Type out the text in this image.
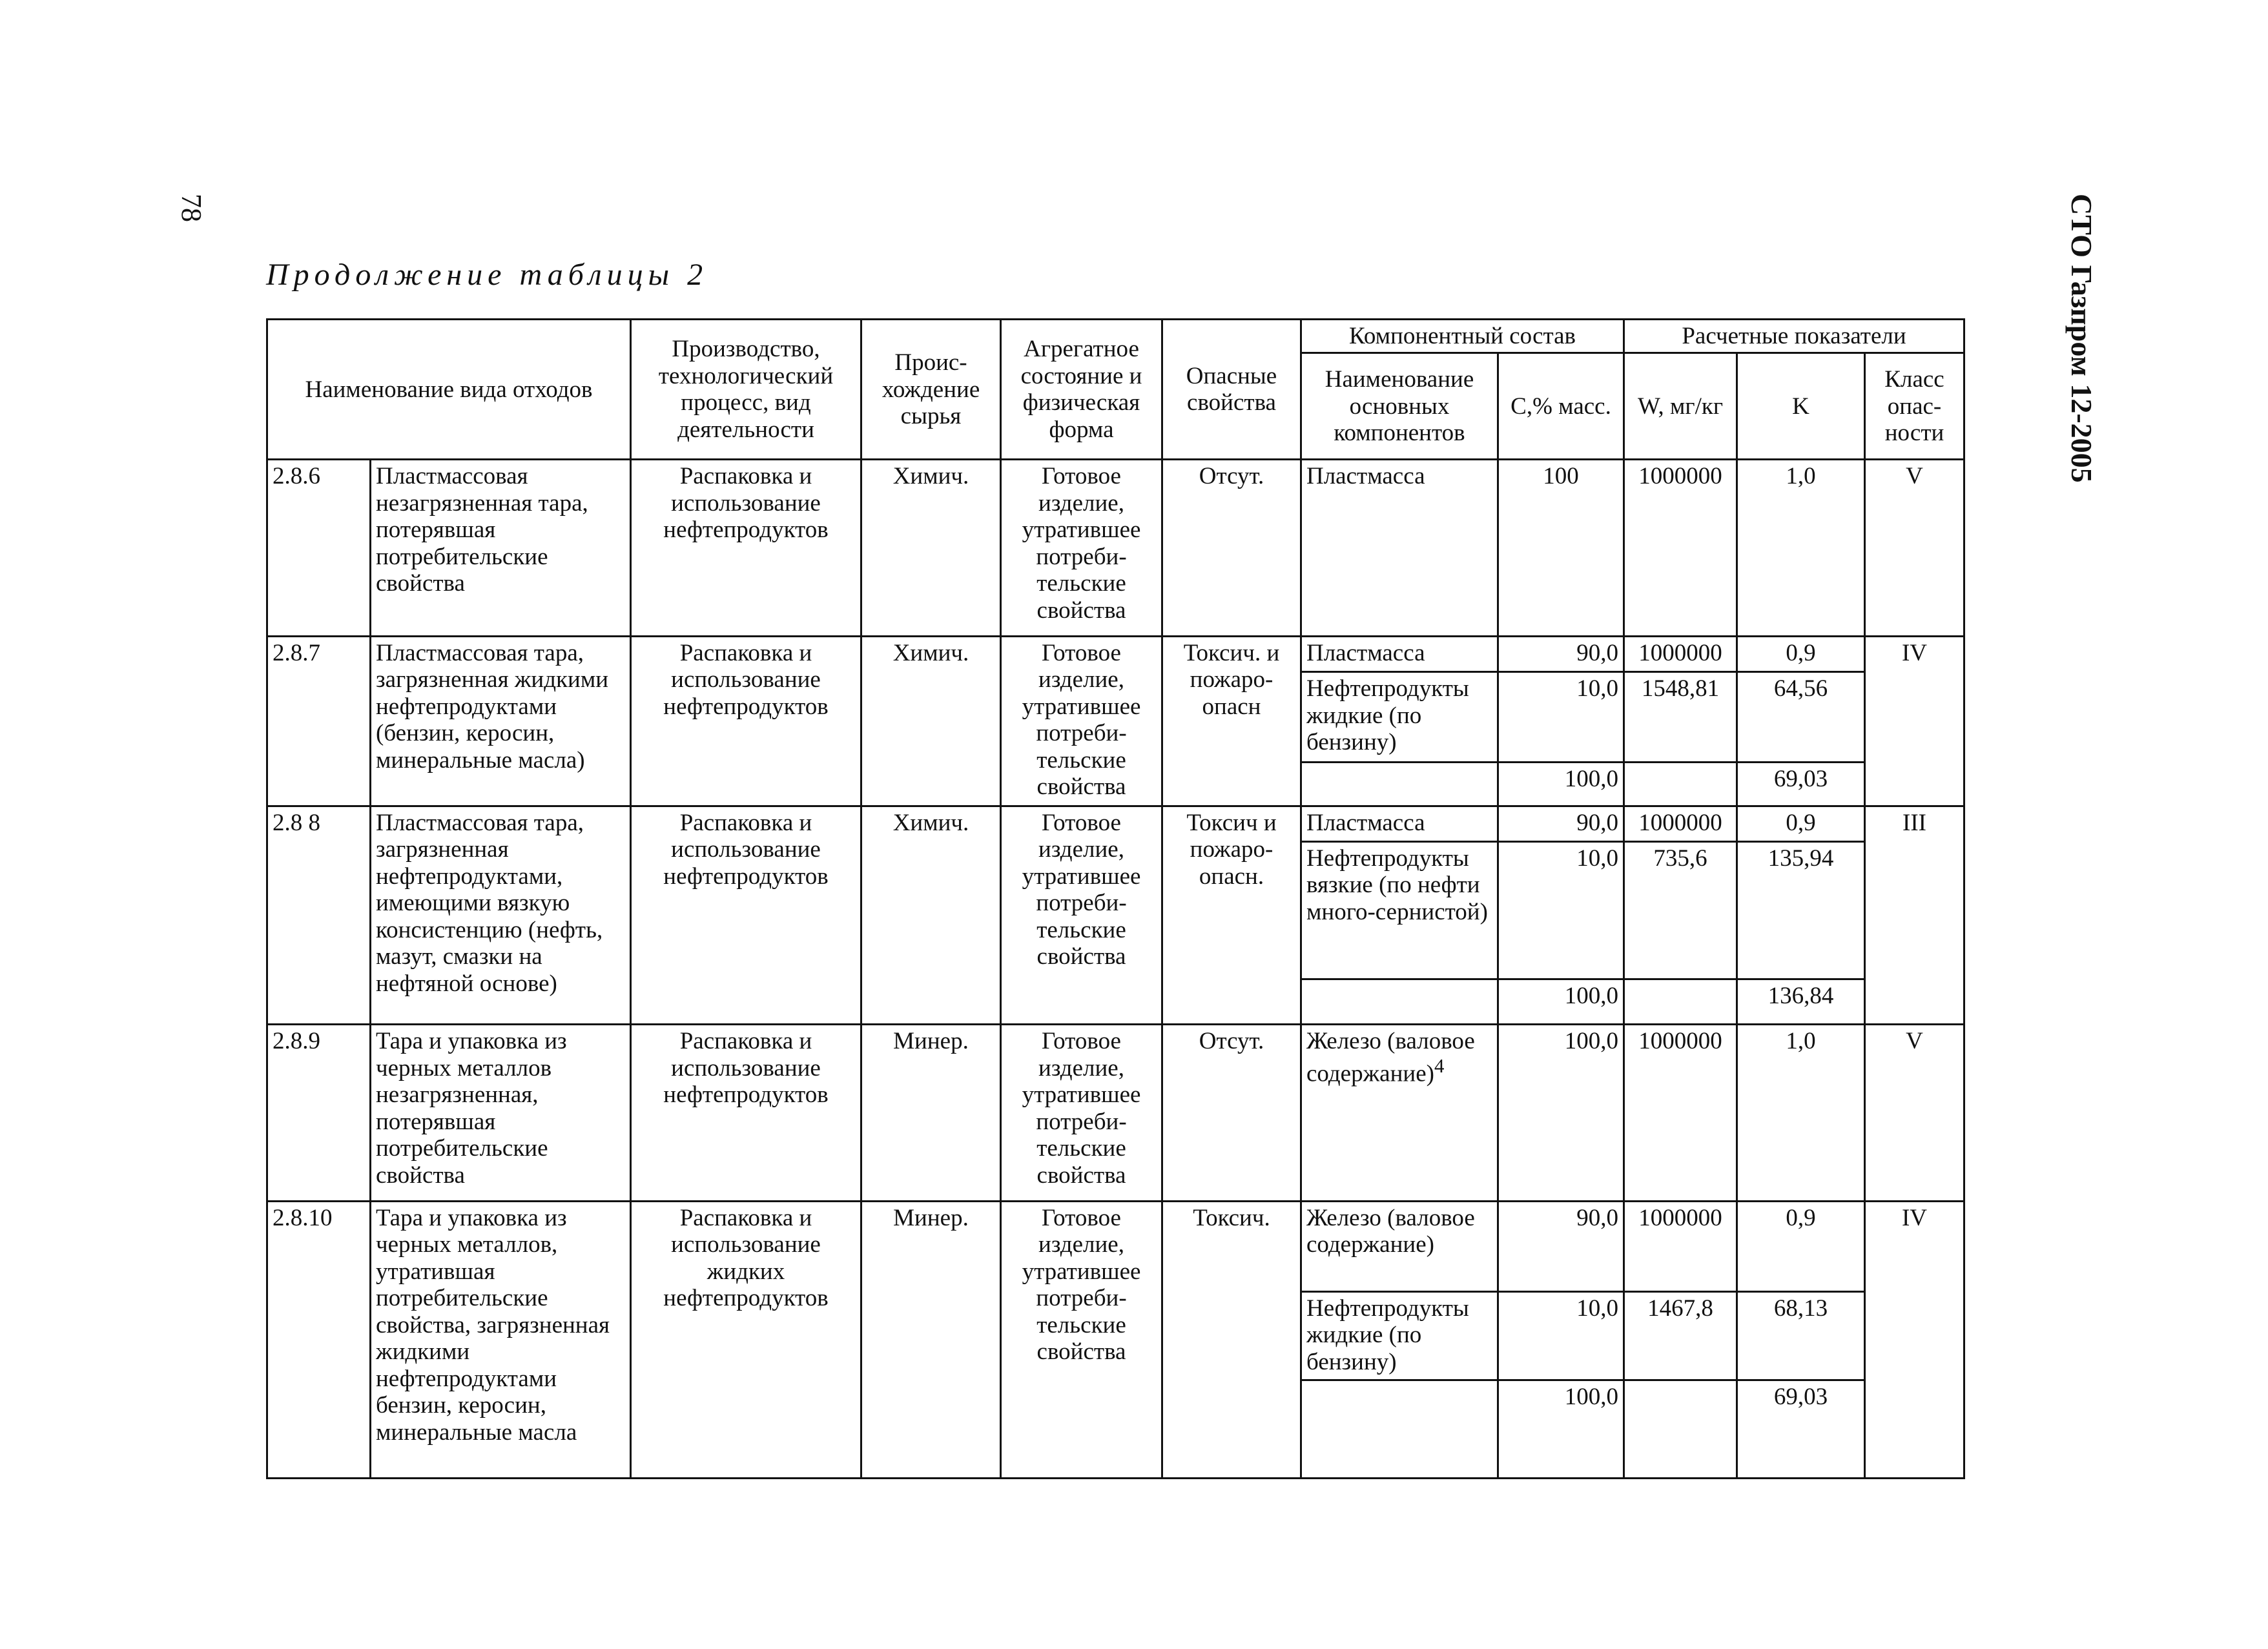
78	СТО Газпром 12-2005
Продолжение таблицы 2
Наименование вида отходов		Производство, технологический процесс, вид деятельности	Проис-хождение сырья	Агрегатное состояние и физическая форма	Опасные свойства	Компонентный состав		Расчетные показатели		
						Наименование основных компонентов	С,% масс.	W, мг/кг	K	Класс опас-ности
2.8.6	Пластмассовая незагрязненная тара, потерявшая потребительские свойства	Распаковка и использование нефтепродуктов	Химич.	Готовое изделие, утратившее потреби-тельские свойства	Отсут.	Пластмасса	100	1000000	1,0	V
2.8.7	Пластмассовая тара, загрязненная жидкими нефтепродуктами (бензин, керосин, минеральные масла)	Распаковка и использование нефтепродуктов	Химич.	Готовое изделие, утратившее потреби-тельские свойства	Токсич. и пожаро-опасн	Пластмасса	90,0	1000000	0,9	IV
						Нефтепродукты жидкие (по бензину)	10,0	1548,81	64,56	
							100,0		69,03	
2.8 8	Пластмассовая тара, загрязненная нефтепродуктами, имеющими вязкую консистенцию (нефть, мазут, смазки на нефтяной основе)	Распаковка и использование нефтепродуктов	Химич.	Готовое изделие, утратившее потреби-тельские свойства	Токсич и пожаро-опасн.	Пластмасса	90,0	1000000	0,9	III
						Нефтепродукты вязкие (по нефти много-сернистой)	10,0	735,6	135,94	
							100,0		136,84	
2.8.9	Тара и упаковка из черных металлов незагрязненная, потерявшая потребительские свойства	Распаковка и использование нефтепродуктов	Минер.	Готовое изделие, утратившее потреби-тельские свойства	Отсут.	Железо (валовое содержание)$^4$	100,0	1000000	1,0	V
2.8.10	Тара и упаковка из черных металлов, утратившая потребительские свойства, загрязненная жидкими нефтепродуктами бензин, керосин, минеральные масла	Распаковка и использование жидких нефтепродуктов	Минер.	Готовое изделие, утратившее потреби-тельские свойства	Токсич.	Железо (валовое содержание)	90,0	1000000	0,9	IV
						Нефтепродукты жидкие (по бензину)	10,0	1467,8	68,13	
							100,0		69,03	
